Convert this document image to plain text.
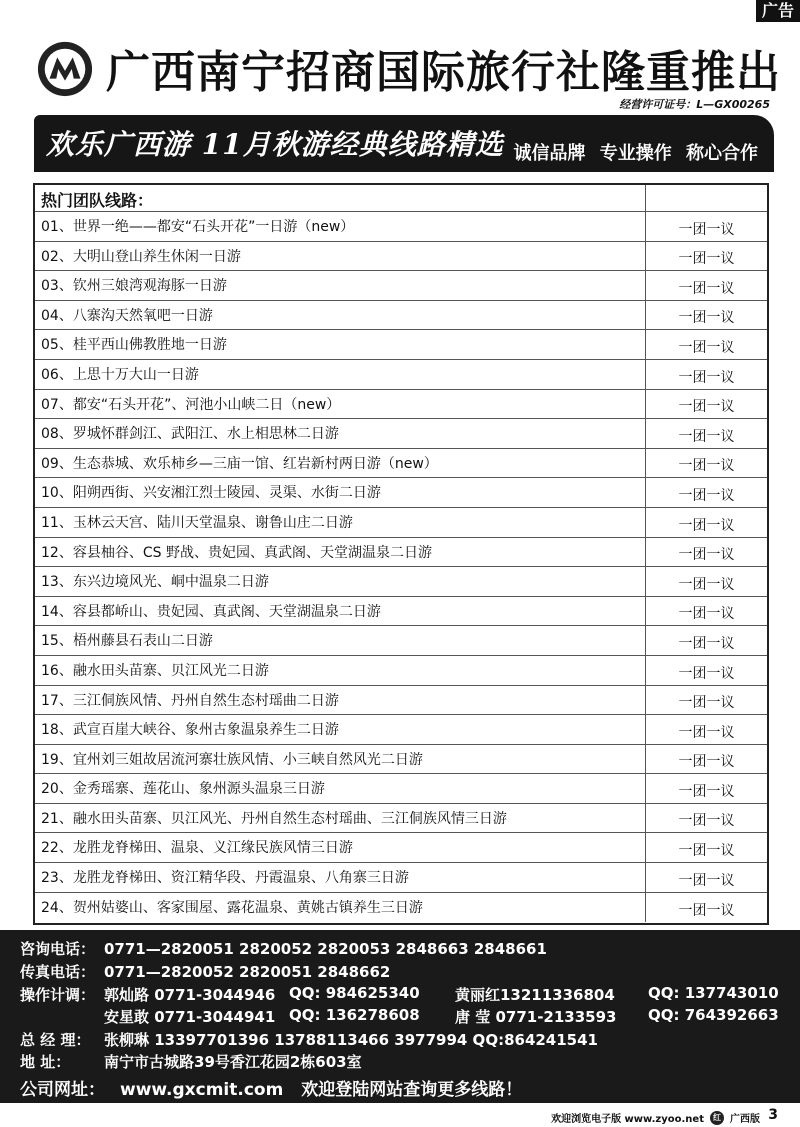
广告
广西南宁招商国际旅行社隆重推出
经营许可证号：L—GX00265
欢乐广西游 11月秋游经典线路精选 诚信品牌 专业操作 称心合作
热门团队线路：
01、 世界一绝——都安“石头开花”一日游（new）	一团一议
02、 大明山登山养生休闲一日游	一团一议
03、 钦州三娘湾观海豚一日游	一团一议
04、 八寨沟天然氧吧一日游	一团一议
05、 桂平西山佛教胜地一日游	一团一议
06、 上思十万大山一日游	一团一议
07、 都安“石头开花”、河池小山峡二日（new）	一团一议
08、 罗城怀群剑江、武阳江、水上相思林二日游	一团一议
09、 生态恭城、欢乐柿乡—三庙一馆、红岩新村两日游（new）	一团一议
10、 阳朔西街、兴安湘江烈士陵园、灵渠、水街二日游	一团一议
11、 玉林云天宫、陆川天堂温泉、谢鲁山庄二日游	一团一议
12、 容县柚谷、CS 野战、贵妃园、真武阁、天堂湖温泉二日游	一团一议
13、 东兴边境风光、峒中温泉二日游	一团一议
14、 容县都峤山、贵妃园、真武阁、天堂湖温泉二日游	一团一议
15、 梧州藤县石表山二日游	一团一议
16、 融水田头苗寨、贝江风光二日游	一团一议
17、 三江侗族风情、丹州自然生态村瑶曲二日游	一团一议
18、 武宣百崖大峡谷、象州古象温泉养生二日游	一团一议
19、 宜州刘三姐故居流河寨壮族风情、小三峡自然风光二日游	一团一议
20、 金秀瑶寨、莲花山、象州源头温泉三日游	一团一议
21、 融水田头苗寨、贝江风光、丹州自然生态村瑶曲、三江侗族风情三日游	一团一议
22、 龙胜龙脊梯田、温泉、义江缘民族风情三日游	一团一议
23、 龙胜龙脊梯田、资江精华段、丹霞温泉、八角寨三日游	一团一议
24、 贺州姑婆山、客家围屋、露花温泉、黄姚古镇养生三日游	一团一议
咨询电话： 0771—2820051 2820052 2820053 2848663 2848661
传真电话： 0771—2820052 2820051 2848662
操作计调： 郭灿路 0771-3044946 QQ: 984625340 黄丽红13211336804 QQ: 137743010
安星敢 0771-3044941 QQ: 136278608 唐 莹 0771-2133593 QQ: 764392663
总 经 理： 张柳琳 13397701396 13788113466 3977994 QQ:864241541
地 址： 南宁市古城路39号香江花园2栋603室
公司网址： www.gxcmit.com 欢迎登陆网站查询更多线路！
欢迎浏览电子版 www.zyoo.net	红 广西版 3
